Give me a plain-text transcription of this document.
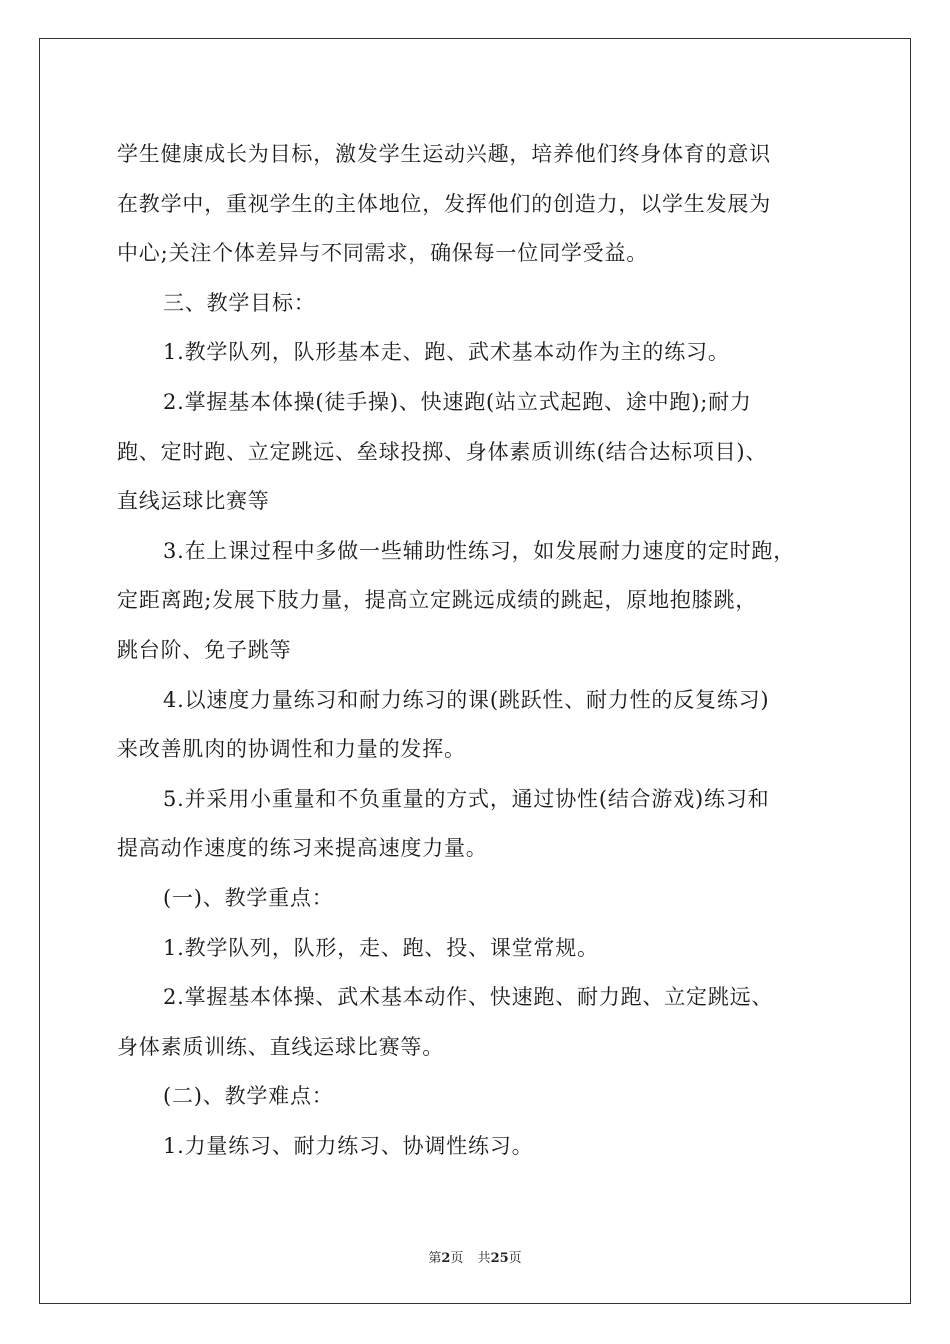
学生健康成长为目标，激发学生运动兴趣，培养他们终身体育的意识
在教学中，重视学生的主体地位，发挥他们的创造力，以学生发展为
中心;关注个体差异与不同需求，确保每一位同学受益。
三、教学目标：
1.教学队列，队形基本走、跑、武术基本动作为主的练习。
2.掌握基本体操(徒手操)、快速跑(站立式起跑、途中跑);耐力
跑、定时跑、立定跳远、垒球投掷、身体素质训练(结合达标项目)、
直线运球比赛等
3.在上课过程中多做一些辅助性练习，如发展耐力速度的定时跑，
定距离跑;发展下肢力量，提高立定跳远成绩的跳起，原地抱膝跳，
跳台阶、免子跳等
4.以速度力量练习和耐力练习的课(跳跃性、耐力性的反复练习)
来改善肌肉的协调性和力量的发挥。
5.并采用小重量和不负重量的方式，通过协性(结合游戏)练习和
提高动作速度的练习来提高速度力量。
(一)、教学重点：
1.教学队列，队形，走、跑、投、课堂常规。
2.掌握基本体操、武术基本动作、快速跑、耐力跑、立定跳远、
身体素质训练、直线运球比赛等。
(二)、教学难点：
1.力量练习、耐力练习、协调性练习。
第2页 共25页
